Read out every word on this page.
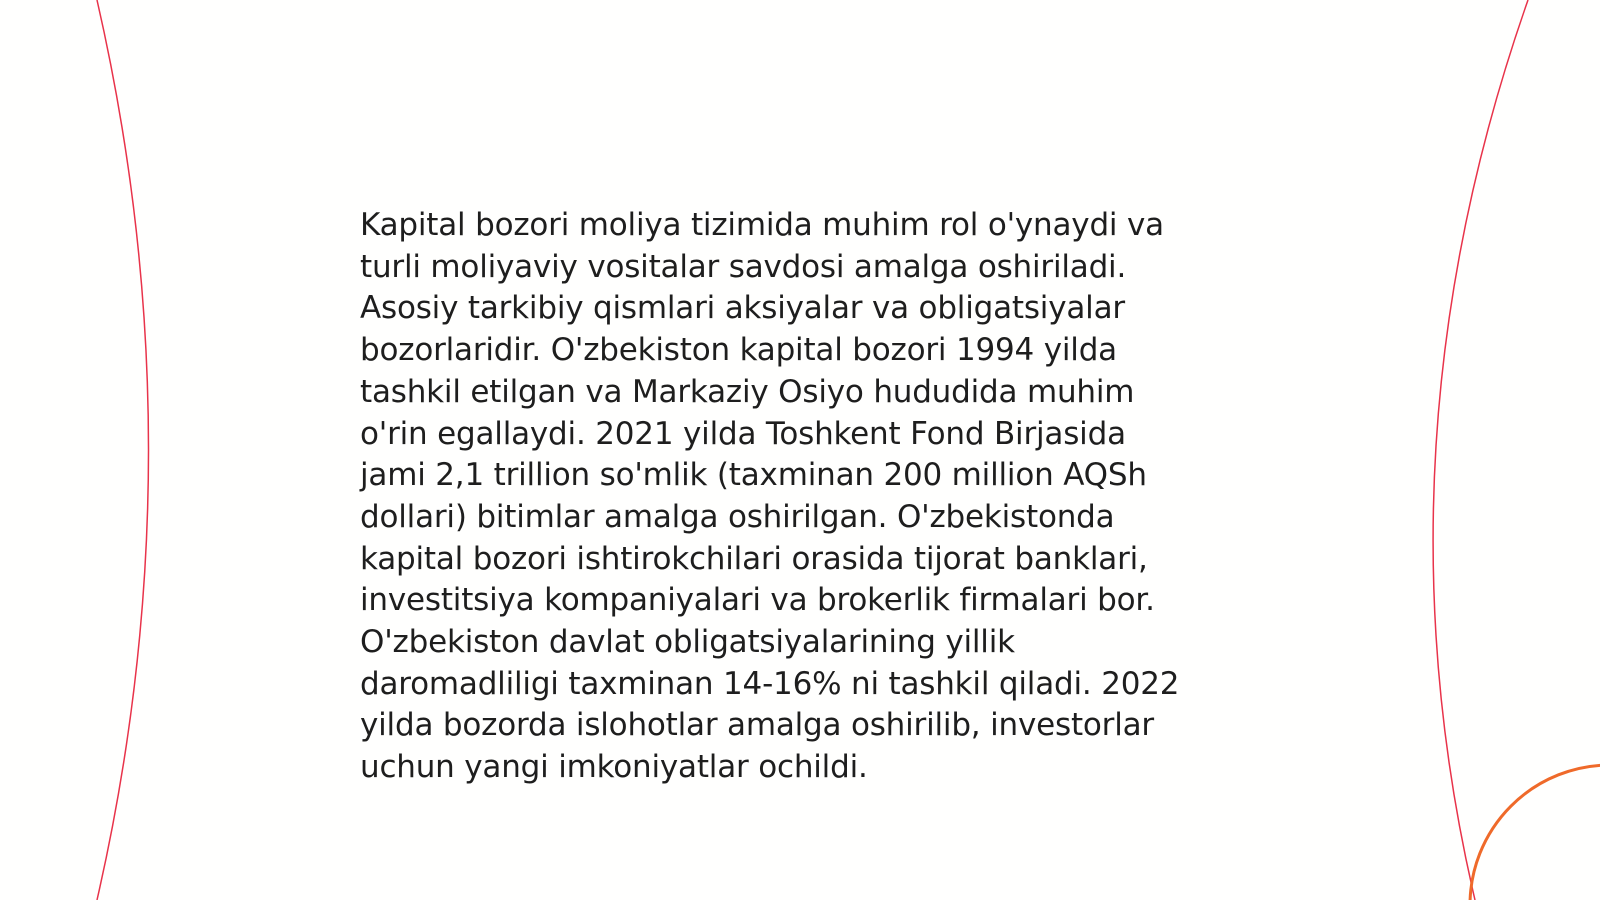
Kapital bozori moliya tizimida muhim rol o'ynaydi va
turli moliyaviy vositalar savdosi amalga oshiriladi.
Asosiy tarkibiy qismlari aksiyalar va obligatsiyalar
bozorlaridir. O'zbekiston kapital bozori 1994 yilda
tashkil etilgan va Markaziy Osiyo hududida muhim
o'rin egallaydi. 2021 yilda Toshkent Fond Birjasida
jami 2,1 trillion so'mlik (taxminan 200 million AQSh
dollari) bitimlar amalga oshirilgan. O'zbekistonda
kapital bozori ishtirokchilari orasida tijorat banklari,
investitsiya kompaniyalari va brokerlik firmalari bor.
O'zbekiston davlat obligatsiyalarining yillik
daromadliligi taxminan 14-16% ni tashkil qiladi. 2022
yilda bozorda islohotlar amalga oshirilib, investorlar
uchun yangi imkoniyatlar ochildi.
